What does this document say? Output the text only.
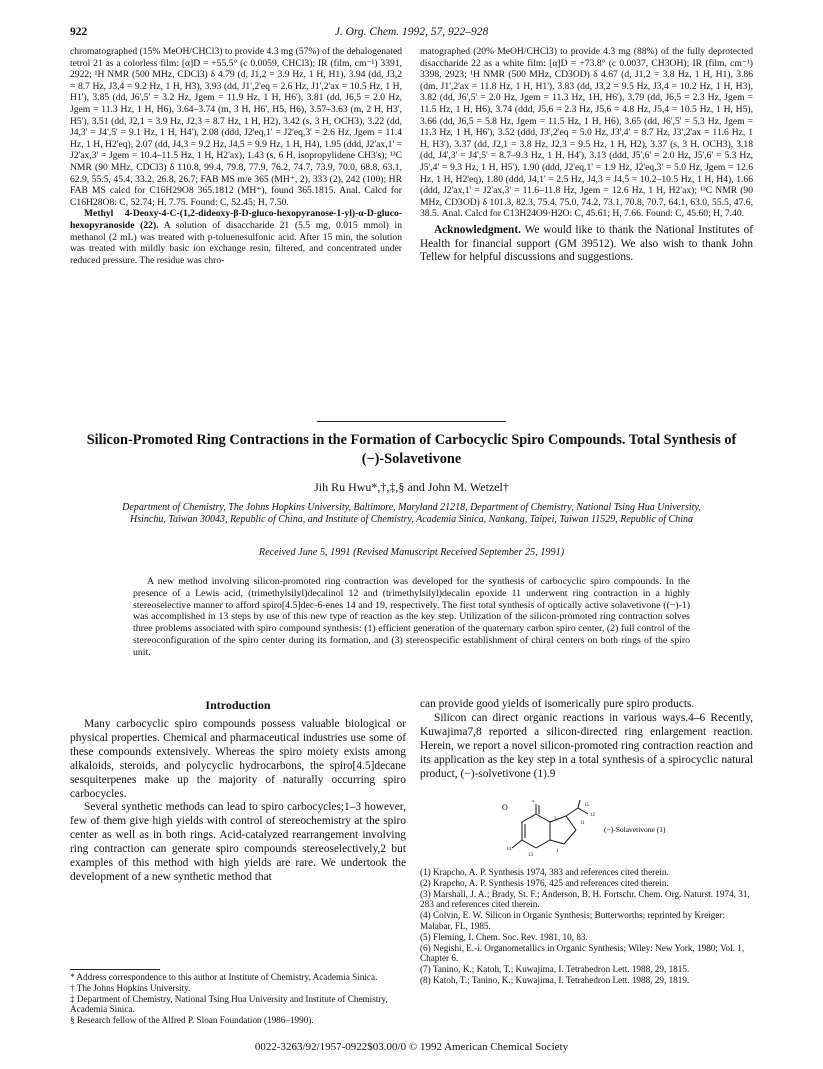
922	J. Org. Chem. 1992, 57, 922–928

chromatographed (15% MeOH/CHCl3) to provide 4.3 mg (57%) of the dehalogenated tetrol 21 as a colorless film: [α]D = +55.5° (c 0.0059, CHCl3); IR (film, cm⁻¹) 3391, 2922; ¹H NMR (500 MHz, CDCl3) δ 4.79 (d, J1,2 = 3.9 Hz, 1 H, H1), 3.94 (dd, J3,2 = 8.7 Hz, J3,4 = 9.2 Hz, 1 H, H3), 3.93 (dd, J1',2'eq = 2.6 Hz, J1',2'ax = 10.5 Hz, 1 H, H1'), 3.85 (dd, J6',5' = 3.2 Hz, Jgem = 11.9 Hz, 1 H, H6'), 3.81 (dd, J6,5 = 2.0 Hz, Jgem = 11.3 Hz, 1 H, H6), 3.64–3.74 (m, 3 H, H6', H5, H6), 3.57–3.63 (m, 2 H, H3', H5'), 3.51 (dd, J2,1 = 3.9 Hz, J2,3 = 8.7 Hz, 1 H, H2), 3.42 (s, 3 H, OCH3), 3.22 (dd, J4,3' = J4',5' = 9.1 Hz, 1 H, H4'), 2.08 (ddd, J2'eq,1' = J2'eq,3' = 2.6 Hz, Jgem = 11.4 Hz, 1 H, H2'eq), 2.07 (dd, J4,3 = 9.2 Hz, J4,5 = 9.9 Hz, 1 H, H4), 1.95 (ddd, J2'ax,1' = J2'ax,3' = Jgem = 10.4–11.5 Hz, 1 H, H2'ax), 1.43 (s, 6 H, isopropylidene CH3's); ¹³C NMR (90 MHz, CDCl3) δ 110.8, 99.4, 79.8, 77.9, 76.2, 74.7, 73.9, 70.0, 68.8, 63.1, 62.9, 55.5, 45.4, 33.2, 26.8, 26.7; FAB MS m/e 365 (MH⁺, 2), 333 (2), 242 (100); HR FAB MS calcd for C16H29O8 365.1812 (MH⁺), found 365.1815. Anal. Calcd for C16H28O8: C, 52.74; H, 7.75. Found: C, 52.45; H, 7.50.

Methyl 4-Deoxy-4-C-(1,2-dideoxy-β-D-gluco-hexopyranose-1-yl)-α-D-gluco-hexopyranoside (22). A solution of disaccharide 21 (5.5 mg, 0.015 mmol) in methanol (2 mL) was treated with p-toluenesulfonic acid. After 15 min, the solution was treated with mildly basic ion exchange resin, filtered, and concentrated under reduced pressure. The residue was chro-

matographed (20% MeOH/CHCl3) to provide 4.3 mg (88%) of the fully deprotected disaccharide 22 as a white film: [α]D = +73.8° (c 0.0037, CH3OH); IR (film, cm⁻¹) 3398, 2923; ¹H NMR (500 MHz, CD3OD) δ 4.67 (d, J1,2 = 3.8 Hz, 1 H, H1), 3.86 (dm, J1',2'ax = 11.8 Hz, 1 H, H1'), 3.83 (dd, J3,2 = 9.5 Hz, J3,4 = 10.2 Hz, 1 H, H3), 3.82 (dd, J6',5' = 2.0 Hz, Jgem = 11.3 Hz, 1H, H6'), 3.79 (dd, J6,5 = 2.3 Hz, Jgem = 11.5 Hz, 1 H, H6), 3.74 (ddd, J5,6 = 2.3 Hz, J5,6 = 4.8 Hz, J5,4 = 10.5 Hz, 1 H, H5), 3.66 (dd, J6,5 = 5.8 Hz, Jgem = 11.5 Hz, 1 H, H6), 3.65 (dd, J6',5' = 5.3 Hz, Jgem = 11.3 Hz, 1 H, H6'), 3.52 (ddd, J3',2'eq = 5.0 Hz, J3',4' = 8.7 Hz, J3',2'ax = 11.6 Hz, 1 H, H3'), 3.37 (dd, J2,1 = 3.8 Hz, J2,3 = 9.5 Hz, 1 H, H2), 3.37 (s, 3 H, OCH3), 3.18 (dd, J4',3' = J4',5' = 8.7–9.3 Hz, 1 H, H4'), 3.13 (ddd, J5',6' = 2.0 Hz, J5',6' = 5.3 Hz, J5',4' = 9.3 Hz, 1 H, H5'), 1.90 (ddd, J2'eq,1' = 1.9 Hz, J2'eq,3' = 5.0 Hz, Jgem = 12.6 Hz, 1 H, H2'eq), 1.80 (ddd, J4,1' = 2.5 Hz, J4,3 = J4,5 = 10.2–10.5 Hz, 1 H, H4), 1.66 (ddd, J2'ax,1' = J2'ax,3' = 11.6–11.8 Hz, Jgem = 12.6 Hz, 1 H, H2'ax); ¹³C NMR (90 MHz, CD3OD) δ 101.3, 82.3, 75.4, 75.0, 74.2, 73.1, 70.8, 70.7, 64.1, 63.0, 55.5, 47.6, 38.5. Anal. Calcd for C13H24O9·H2O: C, 45.61; H, 7.66. Found: C, 45.60; H, 7.40.

Acknowledgment. We would like to thank the National Institutes of Health for financial support (GM 39512). We also wish to thank John Tellew for helpful discussions and suggestions.

Silicon-Promoted Ring Contractions in the Formation of Carbocyclic Spiro Compounds. Total Synthesis of (−)-Solavetivone
Jih Ru Hwu*,†,‡,§ and John M. Wetzel†
Department of Chemistry, The Johns Hopkins University, Baltimore, Maryland 21218, Department of Chemistry, National Tsing Hua University, Hsinchu, Taiwan 30043, Republic of China, and Institute of Chemistry, Academia Sinica, Nankang, Taipei, Taiwan 11529, Republic of China
Received June 5, 1991 (Revised Manuscript Received September 25, 1991)
A new method involving silicon-promoted ring contraction was developed for the synthesis of carbocyclic spiro compounds. In the presence of a Lewis acid, (trimethylsilyl)decalinol 12 and (trimethylsilyl)decalin epoxide 11 underwent ring contraction in a highly stereoselective manner to afford spiro[4.5]dec-6-enes 14 and 19, respectively. The first total synthesis of optically active solavetivone ((−)-1) was accomplished in 13 steps by use of this new type of reaction as the key step. Utilization of the silicon-promoted ring contraction solves three problems associated with spiro compound synthesis: (1) efficient generation of the quaternary carbon spiro center, (2) full control of the stereoconfiguration of the spiro center during its formation, and (3) stereospecific establishment of chiral centers on both rings of the spiro unit.
Introduction

Many carbocyclic spiro compounds possess valuable biological or physical properties. Chemical and pharmaceutical industries use some of these compounds extensively. Whereas the spiro moiety exists among alkaloids, steroids, and polycyclic hydrocarbons, the spiro[4.5]decane sesquiterpenes make up the majority of naturally occurring spiro carbocycles.

Several synthetic methods can lead to spiro carbocycles;1–3 however, few of them give high yields with control of stereochemistry at the spiro center as well as in both rings. Acid-catalyzed rearrangement involving ring contraction can generate spiro compounds stereoselectively,2 but examples of this method with high yields are rare. We undertook the development of a new synthetic method that

can provide good yields of isomerically pure spiro products.

Silicon can direct organic reactions in various ways.4–6 Recently, Kuwajima7,8 reported a silicon-directed ring enlargement reaction. Herein, we report a novel silicon-promoted ring contraction reaction and its application as the key step in a total synthesis of a spirocyclic natural product, (−)-solvetivone (1).9

O
4
14
11
12
15
3
1
13
(−)-Solavetivone (1)

(1) Krapcho, A. P. Synthesis 1974, 383 and references cited therein.

(2) Krapcho, A. P. Synthesis 1976, 425 and references cited therein.

(3) Marshall, J. A.; Brady, St. F.; Anderson, B. H. Fortschr. Chem. Org. Naturst. 1974, 31, 283 and references cited therein.

(4) Colvin, E. W. Silicon in Organic Synthesis; Butterworths; reprinted by Kreiger: Malabar, FL, 1985.

(5) Fleming, I. Chem. Soc. Rev. 1981, 10, 83.

(6) Negishi, E.-i. Organometallics in Organic Synthesis; Wiley: New York, 1980; Vol. 1, Chapter 6.

(7) Tanino, K.; Katoh, T.; Kuwajima, I. Tetrahedron Lett. 1988, 29, 1815.

(8) Katoh, T.; Tanino, K.; Kuwajima, I. Tetrahedron Lett. 1988, 29, 1819.

* Address correspondence to this author at Institute of Chemistry, Academia Sinica.

† The Johns Hopkins University.

‡ Department of Chemistry, National Tsing Hua University and Institute of Chemistry, Academia Sinica.

§ Research fellow of the Alfred P. Sloan Foundation (1986–1990).

0022-3263/92/1957-0922$03.00/0 © 1992 American Chemical Society
